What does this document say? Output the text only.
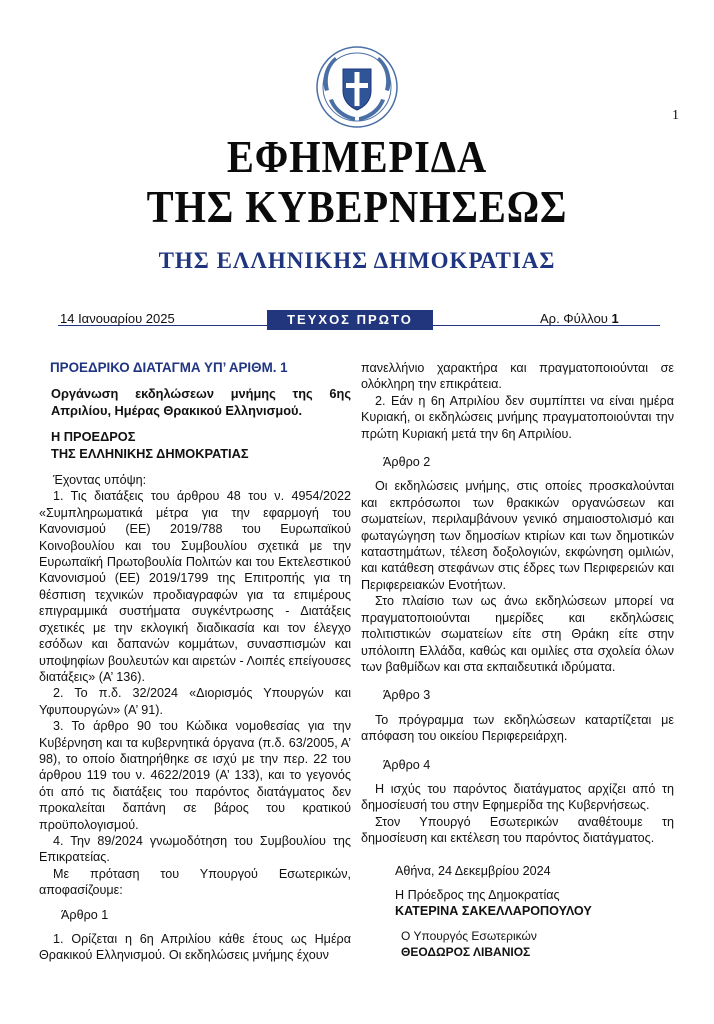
1
ΕΦΗΜΕΡΙΔΑ
ΤΗΣ ΚΥΒΕΡΝΗΣΕΩΣ
ΤΗΣ ΕΛΛΗΝΙΚΗΣ ΔΗΜΟΚΡΑΤΙΑΣ
14 Ιανουαρίου 2025	ΤΕΥΧΟΣ ΠΡΩΤΟ	Αρ. Φύλλου 1

ΠΡΟΕΔΡΙΚΟ ΔΙΑΤΑΓΜΑ ΥΠ’ ΑΡΙΘΜ. 1

Οργάνωση εκδηλώσεων μνήμης της 6ης Απριλίου, Ημέρας Θρακικού Ελληνισμού.

Η ΠΡΟΕΔΡΟΣ

ΤΗΣ ΕΛΛΗΝΙΚΗΣ ΔΗΜΟΚΡΑΤΙΑΣ

Έχοντας υπόψη:

1. Τις διατάξεις του άρθρου 48 του ν. 4954/2022 «Συμπληρωματικά μέτρα για την εφαρμογή του Κανονισμού (ΕΕ) 2019/788 του Ευρωπαϊκού Κοινοβουλίου και του Συμβουλίου σχετικά με την Ευρωπαϊκή Πρωτοβουλία Πολιτών και του Εκτελεστικού Κανονισμού (ΕΕ) 2019/1799 της Επιτροπής για τη θέσπιση τεχνικών προδιαγραφών για τα επιμέρους επιγραμμικά συστήματα συγκέντρωσης - Διατάξεις σχετικές με την εκλογική διαδικασία και τον έλεγχο εσόδων και δαπανών κομμάτων, συνασπισμών και υποψηφίων βουλευτών και αιρετών - Λοιπές επείγουσες διατάξεις» (Α’ 136).

2. Το π.δ. 32/2024 «Διορισμός Υπουργών και Υφυπουργών» (Α’ 91).

3. Το άρθρο 90 του Κώδικα νομοθεσίας για την Κυβέρνηση και τα κυβερνητικά όργανα (π.δ. 63/2005, Α’ 98), το οποίο διατηρήθηκε σε ισχύ με την περ. 22 του άρθρου 119 του ν. 4622/2019 (Α’ 133), και το γεγονός ότι από τις διατάξεις του παρόντος διατάγματος δεν προκαλείται δαπάνη σε βάρος του κρατικού προϋπολογισμού.

4. Την 89/2024 γνωμοδότηση του Συμβουλίου της Επικρατείας.

Με πρόταση του Υπουργού Εσωτερικών, αποφασίζουμε:

Άρθρο 1

1. Ορίζεται η 6η Απριλίου κάθε έτους ως Ημέρα Θρακικού Ελληνισμού. Οι εκδηλώσεις μνήμης έχουν

πανελλήνιο χαρακτήρα και πραγματοποιούνται σε ολόκληρη την επικράτεια.

2. Εάν η 6η Απριλίου δεν συμπίπτει να είναι ημέρα Κυριακή, οι εκδηλώσεις μνήμης πραγματοποιούνται την πρώτη Κυριακή μετά την 6η Απριλίου.

Άρθρο 2

Οι εκδηλώσεις μνήμης, στις οποίες προσκαλούνται και εκπρόσωποι των θρακικών οργανώσεων και σωματείων, περιλαμβάνουν γενικό σημαιοστολισμό και φωταγώγηση των δημοσίων κτιρίων και των δημοτικών καταστημάτων, τέλεση δοξολογιών, εκφώνηση ομιλιών, και κατάθεση στεφάνων στις έδρες των Περιφερειών και Περιφερειακών Ενοτήτων.

Στο πλαίσιο των ως άνω εκδηλώσεων μπορεί να πραγματοποιούνται ημερίδες και εκδηλώσεις πολιτιστικών σωματείων είτε στη Θράκη είτε στην υπόλοιπη Ελλάδα, καθώς και ομιλίες στα σχολεία όλων των βαθμίδων και στα εκπαιδευτικά ιδρύματα.

Άρθρο 3

Το πρόγραμμα των εκδηλώσεων καταρτίζεται με απόφαση του οικείου Περιφερειάρχη.

Άρθρο 4

Η ισχύς του παρόντος διατάγματος αρχίζει από τη δημοσίευσή του στην Εφημερίδα της Κυβερνήσεως.

Στον Υπουργό Εσωτερικών αναθέτουμε τη δημοσίευση και εκτέλεση του παρόντος διατάγματος.

Αθήνα, 24 Δεκεμβρίου 2024

Η Πρόεδρος της Δημοκρατίας

ΚΑΤΕΡΙΝΑ ΣΑΚΕΛΛΑΡΟΠΟΥΛΟΥ

Ο Υπουργός Εσωτερικών

ΘΕΟΔΩΡΟΣ ΛΙΒΑΝΙΟΣ
